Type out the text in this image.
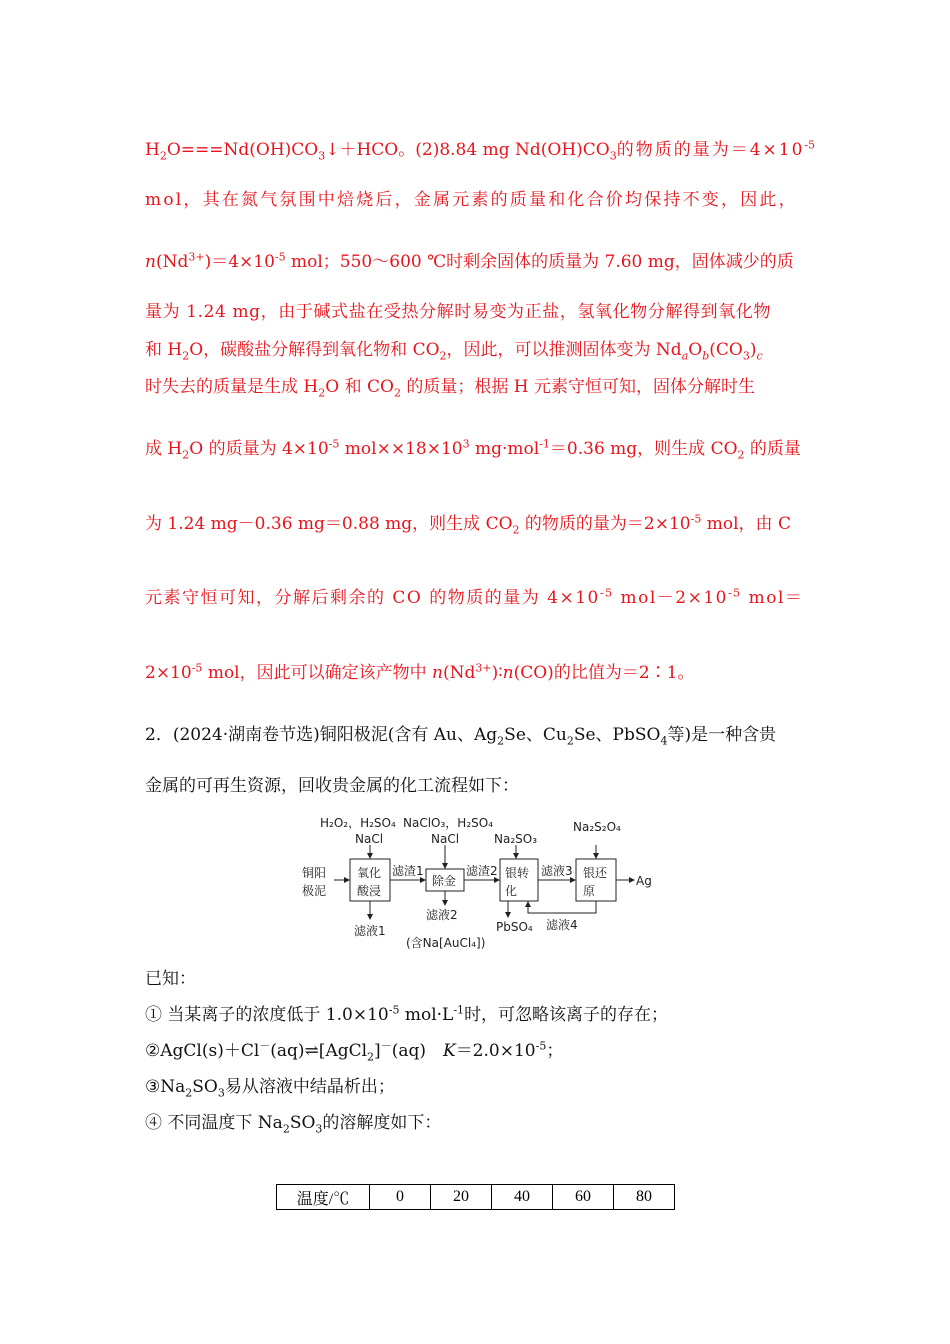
$H_2O===Nd(OH)CO_3↓+HCO$。(2)8.84 mg $Nd(OH)CO_3$的物质的量为$=4\times 10^{-5}$
mol，其在氮气氛围中焙烧后，金属元素的质量和化合价均保持不变，因此，
$n(Nd^{3+})=4\times 10^{-5}$ mol；550～600 ℃时剩余固体的质量为 7.60 mg，固体减少的质
量为 1.24 mg，由于碱式盐在受热分解时易变为正盐，氢氧化物分解得到氧化物
和 $H_2O$，碳酸盐分解得到氧化物和 $CO_2$，因此，可以推测固体变为 $Nd_aO_b(CO_3)_c$
时失去的质量是生成 $H_2O$ 和 $CO_2$ 的质量；根据 H 元素守恒可知，固体分解时生
成 $H_2O$ 的质量为 $4\times 10^{-5}$ $mol\times\times 18\times 10^3$ mg·mol$^{-1}$＝0.36 mg，则生成 $CO_2$ 的质量
为 1.24 mg－0.36 mg＝0.88 mg，则生成 $CO_2$ 的物质的量为$=2\times 10^{-5}$ mol，由 C
元素守恒可知，分解后剩余的 CO 的物质的量为 $4\times 10^{-5}$ $mol-2\times 10^{-5}$ mol＝
$2\times 10^{-5}$ mol，因此可以确定该产物中 $n(Nd^{3+})∶n(CO)$的比值为＝2∶1。
2．(2024·湖南卷节选)铜阳极泥(含有 Au、$Ag_2Se$、$Cu_2Se$、PbSO$_4$等)是一种含贵
金属的可再生资源，回收贵金属的化工流程如下：
H₂O₂，H₂SO₄
NaCl
NaClO₃，H₂SO₄
NaCl	Na₂SO₃
Na₂S₂O₄
铜阳
极泥
氧化
酸浸
除金
银转
化
银还
原
滤渣1	滤渣2	滤液3
Ag
滤液1
滤液2
(含Na[AuCl₄])
PbSO₄ 滤液4
已知：
① 当某离子的浓度低于 $1.0\times 10^{-5}$ $mol\cdot L^{-1}$时，可忽略该离子的存在；
②AgCl(s)＋Cl－(aq)⇌[AgCl$_2$]－(aq)　$K=2.0\times 10^{-5}$；
$③Na_2SO_3$易从溶液中结晶析出；
④ 不同温度下 $Na_2SO_3$的溶解度如下：
温度/℃	0	20	40	60	80
